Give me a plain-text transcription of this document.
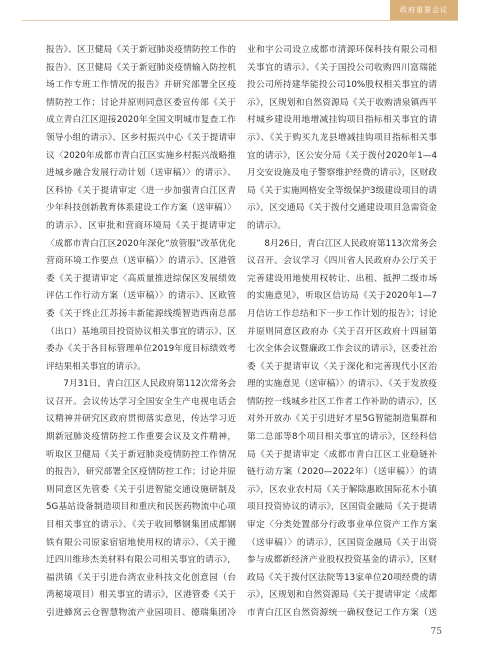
政府重要会议

报告》、区卫健局《关于新冠肺炎疫情防控工作的报告》、区卫健局《关于新冠肺炎疫情输入防控机场工作专班工作情况的报告》并研究部署全区疫情防控工作；讨论并原则同意区委宣传部《关于成立青白江区迎接2020年全国文明城市复查工作领导小组的请示》、区乡村振兴中心《关于提请审议〈2020年成都市青白江区实施乡村振兴战略推进城乡融合发展行动计划（送审稿）〉的请示》、区科协《关于提请审定〈进一步加强青白江区青少年科技创新教育体系建设工作方案（送审稿）〉的请示》、区审批和营商环境局《关于提请审定〈成都市青白江区2020年深化“放管服”改革优化营商环境工作要点（送审稿）〉的请示》、区港管委《关于提请审定〈高质量推进综保区发展绩效评估工作行动方案（送审稿）〉的请示》、区欧管委《关于终止江苏扬丰新能源线缆智造西南总部（出口）基地项目投资协议相关事宜的请示》、区委办《关于各目标管理单位2019年度目标绩效考评结果相关事宜的请示》。

7月31日，青白江区人民政府第112次常务会议召开。会议传达学习全国安全生产电视电话会议精神并研究区政府贯彻落实意见，传达学习近期新冠肺炎疫情防控工作重要会议及文件精神，听取区卫健局《关于新冠肺炎疫情防控工作情况的报告》，研究部署全区疫情防控工作；讨论并原则同意区先管委《关于引进智能交通设施研制及5G基站设备制造项目和重庆和民医药物流中心项目相关事宜的请示》、《关于收回攀钢集团成都钢铁有限公司原家宿宿地使用权的请示》、《关于搬迁四川维珍杰美材料有限公司相关事宜的请示》，福洪镇《关于引进台湾农业科技文化创意园（台湾秘境项目）相关事宜的请示》，区港管委《关于引进蜂窝云仓智慧物流产业园项目、德瑞集团冷

业和宇公司设立成都市清源环保科技有限公司相关事宜的请示》、《关于国投公司收购四川富瑞能投公司所持建华能投公司10%股权相关事宜的请示》，区规划和自然资源局《关于收购清泉镇西平村城乡建设用地增减挂钩项目指标相关事宜的请示》、《关于购买九龙县增减挂钩项目指标相关事宜的请示》，区公安分局《关于拨付2020年1—4月交安设施及电子警察维护经费的请示》，区财政局《关于实施网格安全等级保护3级建设项目的请示》，区交通局《关于拨付交通建设项目急需资金的请示》。

8月26日，青白江区人民政府第113次常务会议召开。会议学习《四川省人民政府办公厅关于完善建设用地使用权转让、出租、抵押二级市场的实施意见》，听取区信访局《关于2020年1—7月信访工作总结和下一步工作计划的报告》；讨论并原则同意区政府办《关于召开区政府十四届第七次全体会议暨廉政工作会议的请示》，区委社治委《关于提请审议〈关于深化和完善现代小区治理的实施意见（送审稿）〉的请示》、《关于发放疫情防控一线城乡社区工作者工作补助的请示》，区对外开放办《关于引进好才星5G智能制造集群和第二总部等8个项目相关事宜的请示》，区经科信局《关于提请审定〈成都市青白江区工业稳链补链行动方案（2020—2022年）（送审稿）〉的请示》，区农业农村局《关于解除惠欧国际花木小镇项目投资协议的请示》，区国资金融局《关于提请审定〈分类处置部分行政事业单位资产工作方案（送审稿）〉的请示》，区国资金融局《关于出资参与成都新经济产业股权投资基金的请示》，区财政局《关于拨付区法院等13家单位20项经费的请示》，区规划和自然资源局《关于提请审定〈成都市青白江区自然资源统一确权登记工作方案（送

75
